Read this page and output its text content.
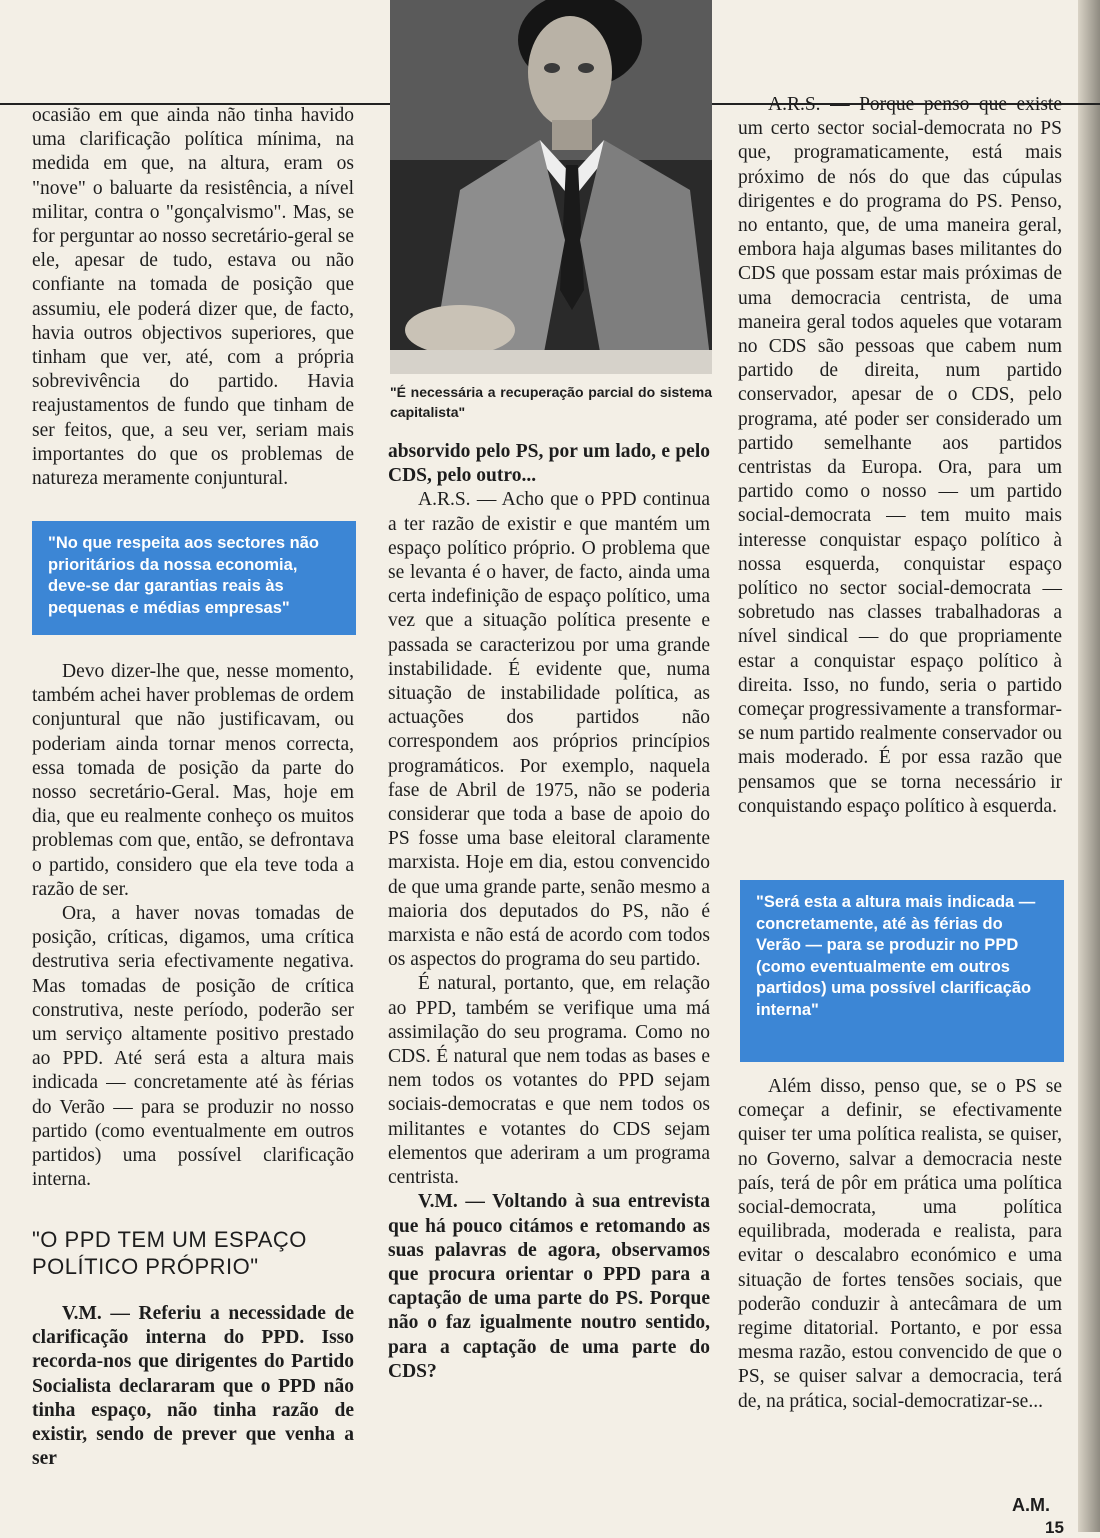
"É necessária a recuperação parcial do sistema capitalista"

ocasião em que ainda não tinha havido uma clarificação política mínima, na medida em que, na altura, eram os "nove" o baluarte da resistência, a nível militar, contra o "gonçalvismo". Mas, se for perguntar ao nosso secretário-geral se ele, apesar de tudo, estava ou não confiante na tomada de posição que assumiu, ele poderá dizer que, de facto, havia outros objectivos superiores, que tinham que ver, até, com a própria sobrevivência do partido. Havia reajustamentos de fundo que tinham de ser feitos, que, a seu ver, seriam mais importantes do que os problemas de natureza meramente conjuntural.

"No que respeita aos sectores não prioritários da nossa economia, deve-se dar garantias reais às pequenas e médias empresas"

Devo dizer-lhe que, nesse momento, também achei haver problemas de ordem conjuntural que não justificavam, ou poderiam ainda tornar menos correcta, essa tomada de posição da parte do nosso secretário-Geral. Mas, hoje em dia, que eu realmente conheço os muitos problemas com que, então, se defrontava o partido, considero que ela teve toda a razão de ser.

Ora, a haver novas tomadas de posição, críticas, digamos, uma crítica destrutiva seria efectivamente negativa. Mas tomadas de posição de crítica construtiva, neste período, poderão ser um serviço altamente positivo prestado ao PPD. Até será esta a altura mais indicada — concretamente até às férias do Verão — para se produzir no nosso partido (como eventualmente em outros partidos) uma possível clarificação interna.

"O PPD TEM UM ESPAÇO POLÍTICO PRÓPRIO"

V.M. — Referiu a necessidade de clarificação interna do PPD. Isso recorda-nos que dirigentes do Partido Socialista declararam que o PPD não tinha espaço, não tinha razão de existir, sendo de prever que venha a ser

absorvido pelo PS, por um lado, e pelo CDS, pelo outro...

A.R.S. — Acho que o PPD continua a ter razão de existir e que mantém um espaço político próprio. O problema que se levanta é o haver, de facto, ainda uma certa indefinição de espaço político, uma vez que a situação política presente e passada se caracterizou por uma grande instabilidade. É evidente que, numa situação de instabilidade política, as actuações dos partidos não correspondem aos próprios princípios programáticos. Por exemplo, naquela fase de Abril de 1975, não se poderia considerar que toda a base de apoio do PS fosse uma base eleitoral claramente marxista. Hoje em dia, estou convencido de que uma grande parte, senão mesmo a maioria dos deputados do PS, não é marxista e não está de acordo com todos os aspectos do programa do seu partido.

É natural, portanto, que, em relação ao PPD, também se verifique uma má assimilação do seu programa. Como no CDS. É natural que nem todas as bases e nem todos os votantes do PPD sejam sociais-democratas e que nem todos os militantes e votantes do CDS sejam elementos que aderiram a um programa centrista.

V.M. — Voltando à sua entrevista que há pouco citámos e retomando as suas palavras de agora, observamos que procura orientar o PPD para a captação de uma parte do PS. Porque não o faz igualmente noutro sentido, para a captação de uma parte do CDS?

A.R.S. — Porque penso que existe um certo sector social-democrata no PS que, programaticamente, está mais próximo de nós do que das cúpulas dirigentes e do programa do PS. Penso, no entanto, que, de uma maneira geral, embora haja algumas bases militantes do CDS que possam estar mais próximas de uma democracia centrista, de uma maneira geral todos aqueles que votaram no CDS são pessoas que cabem num partido de direita, num partido conservador, apesar de o CDS, pelo programa, até poder ser considerado um partido semelhante aos partidos centristas da Europa. Ora, para um partido como o nosso — um partido social-democrata — tem muito mais interesse conquistar espaço político à nossa esquerda, conquistar espaço político no sector social-democrata — sobretudo nas classes trabalhadoras a nível sindical — do que propriamente estar a conquistar espaço político à direita. Isso, no fundo, seria o partido começar progressivamente a transformar-se num partido realmente conservador ou mais moderado. É por essa razão que pensamos que se torna necessário ir conquistando espaço político à esquerda.

"Será esta a altura mais indicada — concretamente, até às férias do Verão — para se produzir no PPD (como eventualmente em outros partidos) uma possível clarificação interna"

Além disso, penso que, se o PS se começar a definir, se efectivamente quiser ter uma política realista, se quiser, no Governo, salvar a democracia neste país, terá de pôr em prática uma política social-democrata, uma política equilibrada, moderada e realista, para evitar o descalabro económico e uma situação de fortes tensões sociais, que poderão conduzir à antecâmara de um regime ditatorial. Portanto, e por essa mesma razão, estou convencido de que o PS, se quiser salvar a democracia, terá de, na prática, social-democratizar-se...

A.M.
15
